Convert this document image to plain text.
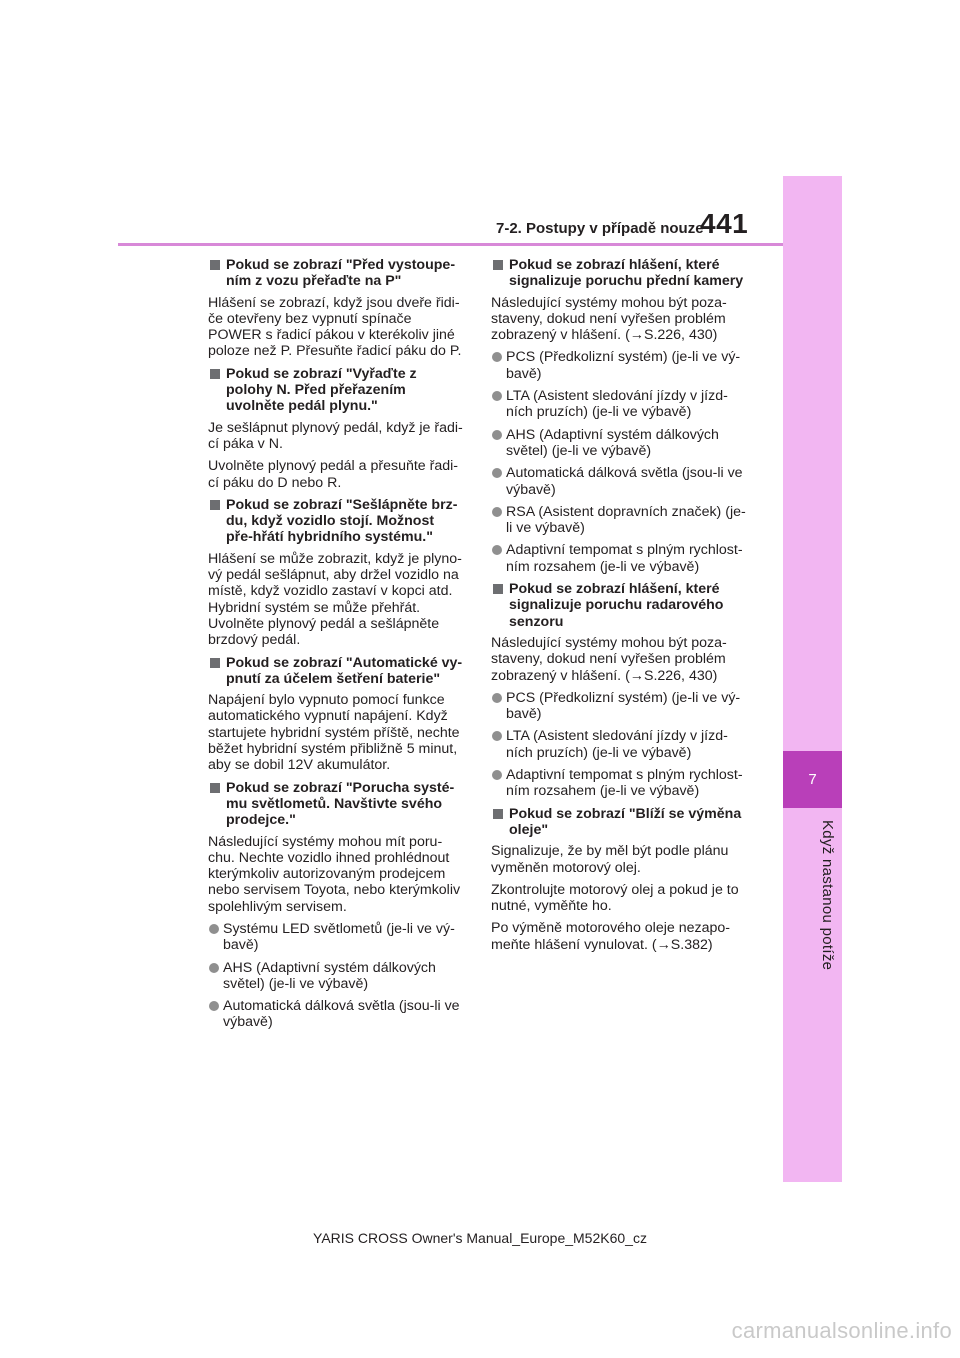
7
Když nastanou potíže
7-2. Postupy v případě nouze
441
Pokud se zobrazí "Před vystoupe-ním z vozu přeřaďte na P"

Hlášení se zobrazí, když jsou dveře řidi-če otevřeny bez vypnutí spínače POWER s řadicí pákou v kterékoliv jiné poloze než P. Přesuňte řadicí páku do P.

Pokud se zobrazí "Vyřaďte z polohy N. Před přeřazením uvolněte pedál plynu."

Je sešlápnut plynový pedál, když je řadi-cí páka v N.

Uvolněte plynový pedál a přesuňte řadi-cí páku do D nebo R.

Pokud se zobrazí "Sešlápněte brz-du, když vozidlo stojí. Možnost pře-hřátí hybridního systému."

Hlášení se může zobrazit, když je plyno-vý pedál sešlápnut, aby držel vozidlo na místě, když vozidlo zastaví v kopci atd. Hybridní systém se může přehřát. Uvolněte plynový pedál a sešlápněte brzdový pedál.

Pokud se zobrazí "Automatické vy-pnutí za účelem šetření baterie"

Napájení bylo vypnuto pomocí funkce automatického vypnutí napájení. Když startujete hybridní systém příště, nechte běžet hybridní systém přibližně 5 minut, aby se dobil 12V akumulátor.

Pokud se zobrazí "Porucha systé-mu světlometů. Navštivte svého prodejce."

Následující systémy mohou mít poru-chu. Nechte vozidlo ihned prohlédnout kterýmkoliv autorizovaným prodejcem nebo servisem Toyota, nebo kterýmkoliv spolehlivým servisem.

Systému LED světlometů (je-li ve vý-bavě)
AHS (Adaptivní systém dálkových světel) (je-li ve výbavě)
Automatická dálková světla (jsou-li ve výbavě)
Pokud se zobrazí hlášení, které signalizuje poruchu přední kamery

Následující systémy mohou být poza-staveny, dokud není vyřešen problém zobrazený v hlášení. (→S.226, 430)

PCS (Předkolizní systém) (je-li ve vý-bavě)
LTA (Asistent sledování jízdy v jízd-ních pruzích) (je-li ve výbavě)
AHS (Adaptivní systém dálkových světel) (je-li ve výbavě)
Automatická dálková světla (jsou-li ve výbavě)
RSA (Asistent dopravních značek) (je-li ve výbavě)
Adaptivní tempomat s plným rychlost-ním rozsahem (je-li ve výbavě)
Pokud se zobrazí hlášení, které signalizuje poruchu radarového senzoru

Následující systémy mohou být poza-staveny, dokud není vyřešen problém zobrazený v hlášení. (→S.226, 430)

PCS (Předkolizní systém) (je-li ve vý-bavě)
LTA (Asistent sledování jízdy v jízd-ních pruzích) (je-li ve výbavě)
Adaptivní tempomat s plným rychlost-ním rozsahem (je-li ve výbavě)
Pokud se zobrazí "Blíží se výměna oleje"

Signalizuje, že by měl být podle plánu vyměněn motorový olej.

Zkontrolujte motorový olej a pokud je to nutné, vyměňte ho.

Po výměně motorového oleje nezapo-meňte hlášení vynulovat. (→S.382)

YARIS CROSS Owner's Manual_Europe_M52K60_cz
carmanualsonline.info
